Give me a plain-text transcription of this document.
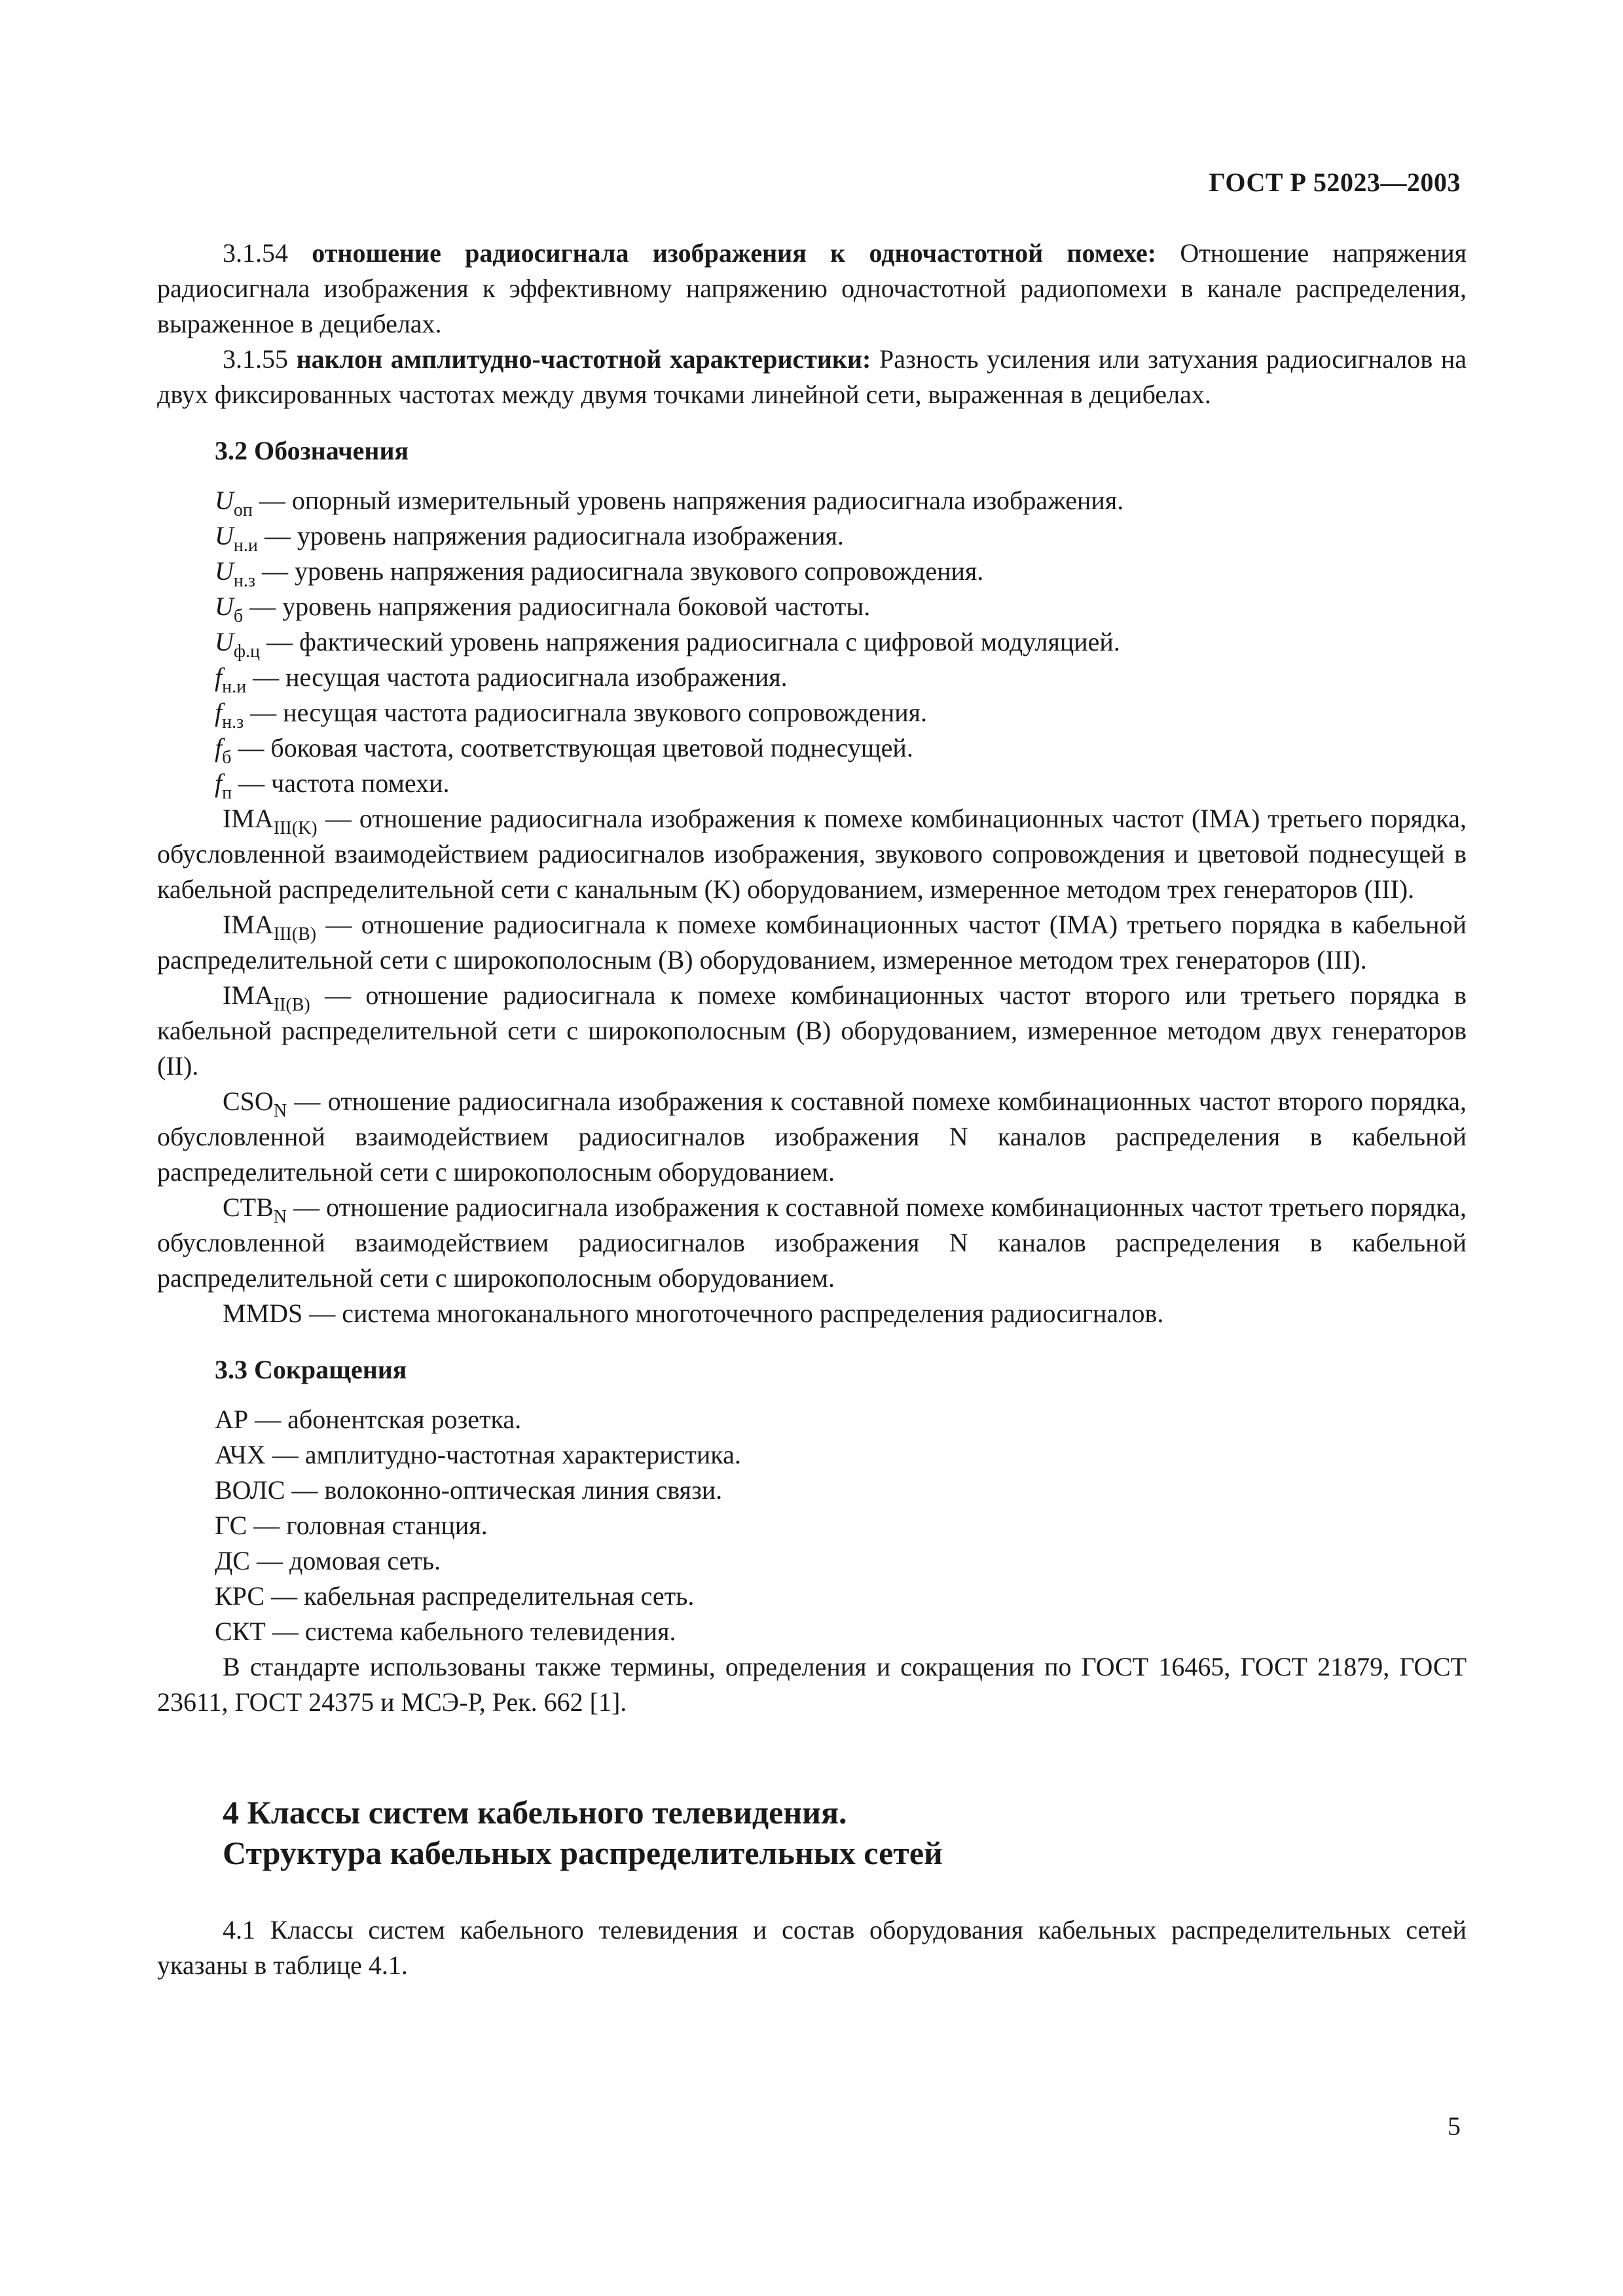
ГОСТ Р 52023—2003

3.1.54 отношение радиосигнала изображения к одночастотной помехе: Отношение напряжения радиосигнала изображения к эффективному напряжению одночастотной радиопомехи в канале распределения, выраженное в децибелах.

3.1.55 наклон амплитудно-частотной характеристики: Разность усиления или затухания радиосигналов на двух фиксированных частотах между двумя точками линейной сети, выраженная в децибелах.

3.2 Обозначения

$U_{оп}$ — опорный измерительный уровень напряжения радиосигнала изображения.

$U_{н.и}$ — уровень напряжения радиосигнала изображения.

$U_{н.з}$ — уровень напряжения радиосигнала звукового сопровождения.

$U_б$ — уровень напряжения радиосигнала боковой частоты.

$U_{ф.ц}$ — фактический уровень напряжения радиосигнала с цифровой модуляцией.

$f_{н.и}$ — несущая частота радиосигнала изображения.

$f_{н.з}$ — несущая частота радиосигнала звукового сопровождения.

$f_б$ — боковая частота, соответствующая цветовой поднесущей.

$f_п$ — частота помехи.

$IMA_{III(K)}$ — отношение радиосигнала изображения к помехе комбинационных частот (IMA) третьего порядка, обусловленной взаимодействием радиосигналов изображения, звукового сопровождения и цветовой поднесущей в кабельной распределительной сети с канальным (K) оборудованием, измеренное методом трех генераторов (III).

$IMA_{III(B)}$ — отношение радиосигнала к помехе комбинационных частот (IMA) третьего порядка в кабельной распределительной сети с широкополосным (B) оборудованием, измеренное методом трех генераторов (III).

$IMA_{II(B)}$ — отношение радиосигнала к помехе комбинационных частот второго или третьего порядка в кабельной распределительной сети с широкополосным (B) оборудованием, измеренное методом двух генераторов (II).

$CSO_N$ — отношение радиосигнала изображения к составной помехе комбинационных частот второго порядка, обусловленной взаимодействием радиосигналов изображения N каналов распределения в кабельной распределительной сети с широкополосным оборудованием.

$CTB_N$ — отношение радиосигнала изображения к составной помехе комбинационных частот третьего порядка, обусловленной взаимодействием радиосигналов изображения N каналов распределения в кабельной распределительной сети с широкополосным оборудованием.

MMDS — система многоканального многоточечного распределения радиосигналов.

3.3 Сокращения

АР — абонентская розетка.

АЧХ — амплитудно-частотная характеристика.

ВОЛС — волоконно-оптическая линия связи.

ГС — головная станция.

ДС — домовая сеть.

КРС — кабельная распределительная сеть.

СКТ — система кабельного телевидения.

В стандарте использованы также термины, определения и сокращения по ГОСТ 16465, ГОСТ 21879, ГОСТ 23611, ГОСТ 24375 и МСЭ-Р, Рек. 662 [1].

4 Классы систем кабельного телевидения.
Структура кабельных распределительных сетей

4.1 Классы систем кабельного телевидения и состав оборудования кабельных распределительных сетей указаны в таблице 4.1.

5
